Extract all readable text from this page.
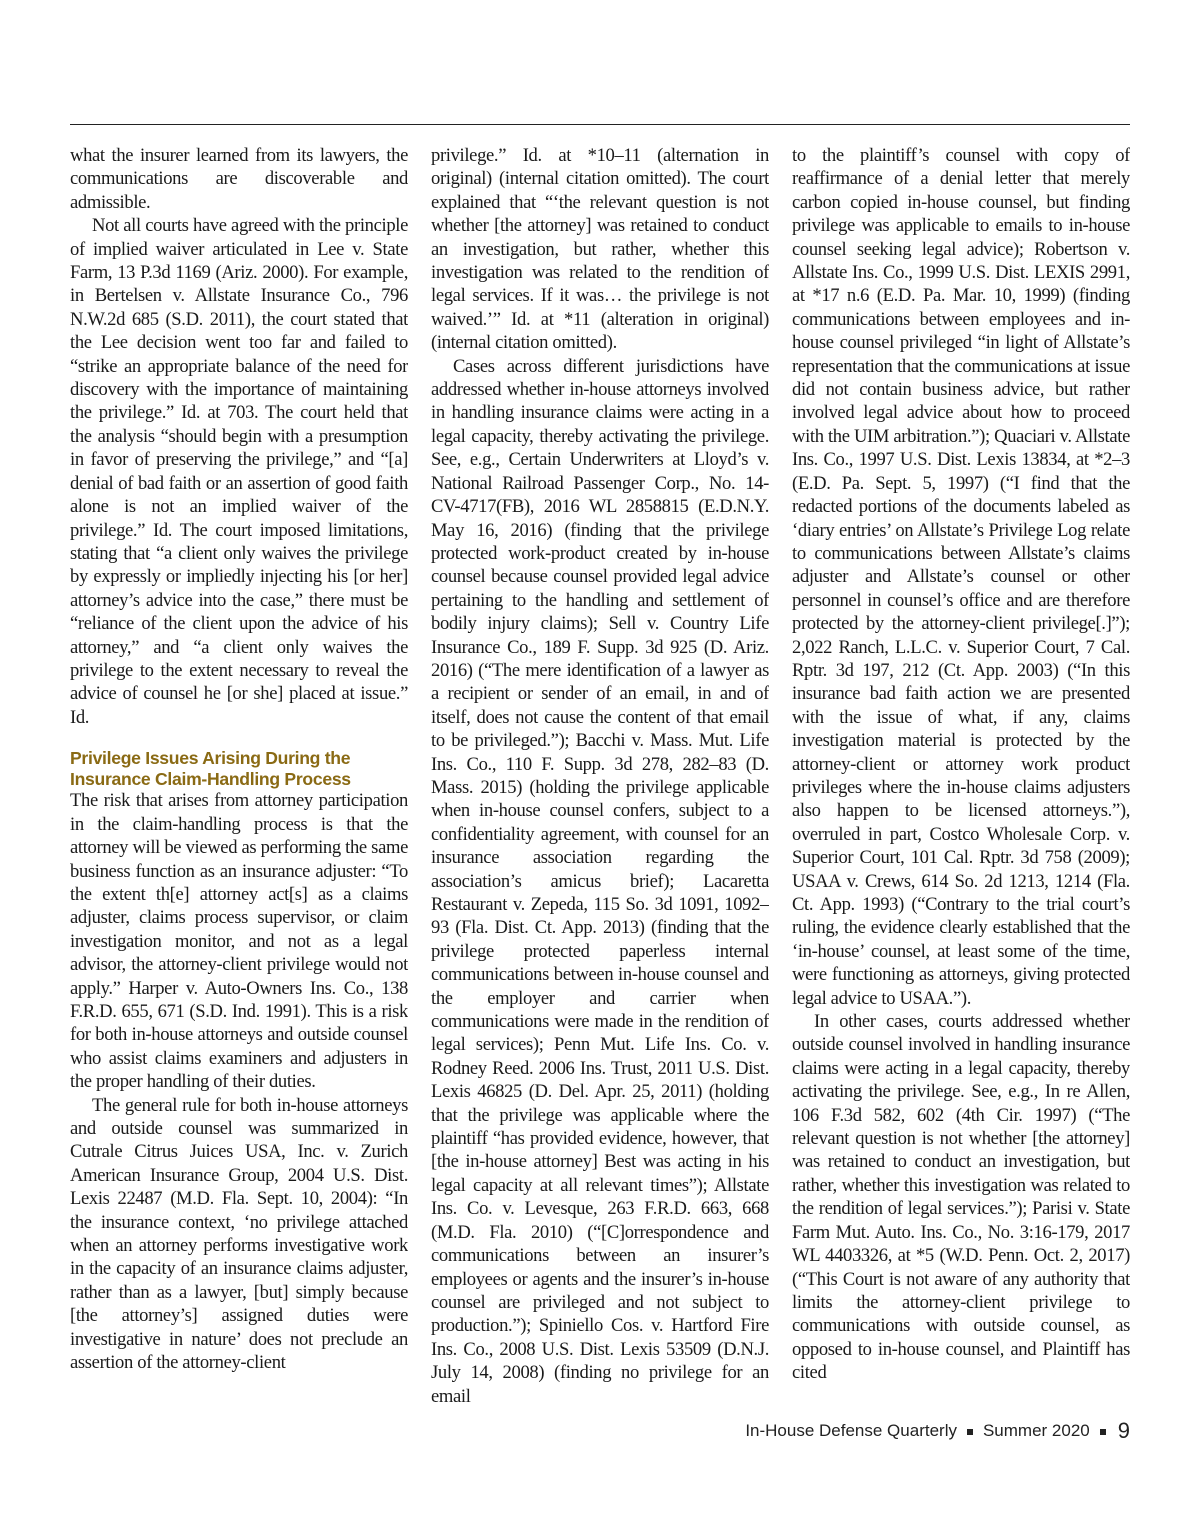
what the insurer learned from its lawyers, the communications are discoverable and admissible.

Not all courts have agreed with the principle of implied waiver articulated in Lee v. State Farm, 13 P.3d 1169 (Ariz. 2000). For example, in Bertelsen v. Allstate Insurance Co., 796 N.W.2d 685 (S.D. 2011), the court stated that the Lee decision went too far and failed to “strike an appropriate balance of the need for discovery with the importance of maintaining the privilege.” Id. at 703. The court held that the analysis “should begin with a presumption in favor of preserving the privilege,” and “[a] denial of bad faith or an assertion of good faith alone is not an implied waiver of the privilege.” Id. The court imposed limitations, stating that “a client only waives the privilege by expressly or impliedly injecting his [or her] attorney’s advice into the case,” there must be “reliance of the client upon the advice of his attorney,” and “a client only waives the privilege to the extent necessary to reveal the advice of counsel he [or she] placed at issue.” Id.

Privilege Issues Arising During the Insurance Claim-Handling Process

The risk that arises from attorney participation in the claim-handling process is that the attorney will be viewed as performing the same business function as an insurance adjuster: “To the extent th[e] attorney act[s] as a claims adjuster, claims process supervisor, or claim investigation monitor, and not as a legal advisor, the attorney-client privilege would not apply.” Harper v. Auto-Owners Ins. Co., 138 F.R.D. 655, 671 (S.D. Ind. 1991). This is a risk for both in-house attorneys and outside counsel who assist claims examiners and adjusters in the proper handling of their duties.

The general rule for both in-house attorneys and outside counsel was summarized in Cutrale Citrus Juices USA, Inc. v. Zurich American Insurance Group, 2004 U.S. Dist. Lexis 22487 (M.D. Fla. Sept. 10, 2004): “In the insurance context, ‘no privilege attached when an attorney performs investigative work in the capacity of an insurance claims adjuster, rather than as a lawyer, [but] simply because [the attorney’s] assigned duties were investigative in nature’ does not preclude an assertion of the attorney-client

privilege.” Id. at *10–11 (alternation in original) (internal citation omitted). The court explained that “‘the relevant question is not whether [the attorney] was retained to conduct an investigation, but rather, whether this investigation was related to the rendition of legal services. If it was… the privilege is not waived.’” Id. at *11 (alteration in original) (internal citation omitted).

Cases across different jurisdictions have addressed whether in-house attorneys involved in handling insurance claims were acting in a legal capacity, thereby activating the privilege. See, e.g., Certain Underwriters at Lloyd’s v. National Railroad Passenger Corp., No. 14-CV-4717(FB), 2016 WL 2858815 (E.D.N.Y. May 16, 2016) (finding that the privilege protected work-product created by in-house counsel because counsel provided legal advice pertaining to the handling and settlement of bodily injury claims); Sell v. Country Life Insurance Co., 189 F. Supp. 3d 925 (D. Ariz. 2016) (“The mere identification of a lawyer as a recipient or sender of an email, in and of itself, does not cause the content of that email to be privileged.”); Bacchi v. Mass. Mut. Life Ins. Co., 110 F. Supp. 3d 278, 282–83 (D. Mass. 2015) (holding the privilege applicable when in-house counsel confers, subject to a confidentiality agreement, with counsel for an insurance association regarding the association’s amicus brief); Lacaretta Restaurant v. Zepeda, 115 So. 3d 1091, 1092–93 (Fla. Dist. Ct. App. 2013) (finding that the privilege protected paperless internal communications between in-house counsel and the employer and carrier when communications were made in the rendition of legal services); Penn Mut. Life Ins. Co. v. Rodney Reed. 2006 Ins. Trust, 2011 U.S. Dist. Lexis 46825 (D. Del. Apr. 25, 2011) (holding that the privilege was applicable where the plaintiff “has provided evidence, however, that [the in-house attorney] Best was acting in his legal capacity at all relevant times”); Allstate Ins. Co. v. Levesque, 263 F.R.D. 663, 668 (M.D. Fla. 2010) (“[C]orrespondence and communications between an insurer’s employees or agents and the insurer’s in-house counsel are privileged and not subject to production.”); Spiniello Cos. v. Hartford Fire Ins. Co., 2008 U.S. Dist. Lexis 53509 (D.N.J. July 14, 2008) (finding no privilege for an email

to the plaintiff’s counsel with copy of reaffirmance of a denial letter that merely carbon copied in-house counsel, but finding privilege was applicable to emails to in-house counsel seeking legal advice); Robertson v. Allstate Ins. Co., 1999 U.S. Dist. LEXIS 2991, at *17 n.6 (E.D. Pa. Mar. 10, 1999) (finding communications between employees and in-house counsel privileged “in light of Allstate’s representation that the communications at issue did not contain business advice, but rather involved legal advice about how to proceed with the UIM arbitration.”); Quaciari v. Allstate Ins. Co., 1997 U.S. Dist. Lexis 13834, at *2–3 (E.D. Pa. Sept. 5, 1997) (“I find that the redacted portions of the documents labeled as ‘diary entries’ on Allstate’s Privilege Log relate to communications between Allstate’s claims adjuster and Allstate’s counsel or other personnel in counsel’s office and are therefore protected by the attorney-client privilege[.]”); 2,022 Ranch, L.L.C. v. Superior Court, 7 Cal. Rptr. 3d 197, 212 (Ct. App. 2003) (“In this insurance bad faith action we are presented with the issue of what, if any, claims investigation material is protected by the attorney-client or attorney work product privileges where the in-house claims adjusters also happen to be licensed attorneys.”), overruled in part, Costco Wholesale Corp. v. Superior Court, 101 Cal. Rptr. 3d 758 (2009); USAA v. Crews, 614 So. 2d 1213, 1214 (Fla. Ct. App. 1993) (“Contrary to the trial court’s ruling, the evidence clearly established that the ‘in-house’ counsel, at least some of the time, were functioning as attorneys, giving protected legal advice to USAA.”).

In other cases, courts addressed whether outside counsel involved in handling insurance claims were acting in a legal capacity, thereby activating the privilege. See, e.g., In re Allen, 106 F.3d 582, 602 (4th Cir. 1997) (“The relevant question is not whether [the attorney] was retained to conduct an investigation, but rather, whether this investigation was related to the rendition of legal services.”); Parisi v. State Farm Mut. Auto. Ins. Co., No. 3:16-179, 2017 WL 4403326, at *5 (W.D. Penn. Oct. 2, 2017) (“This Court is not aware of any authority that limits the attorney-client privilege to communications with outside counsel, as opposed to in-house counsel, and Plaintiff has cited

In-House Defense Quarterly Summer 2020 9
